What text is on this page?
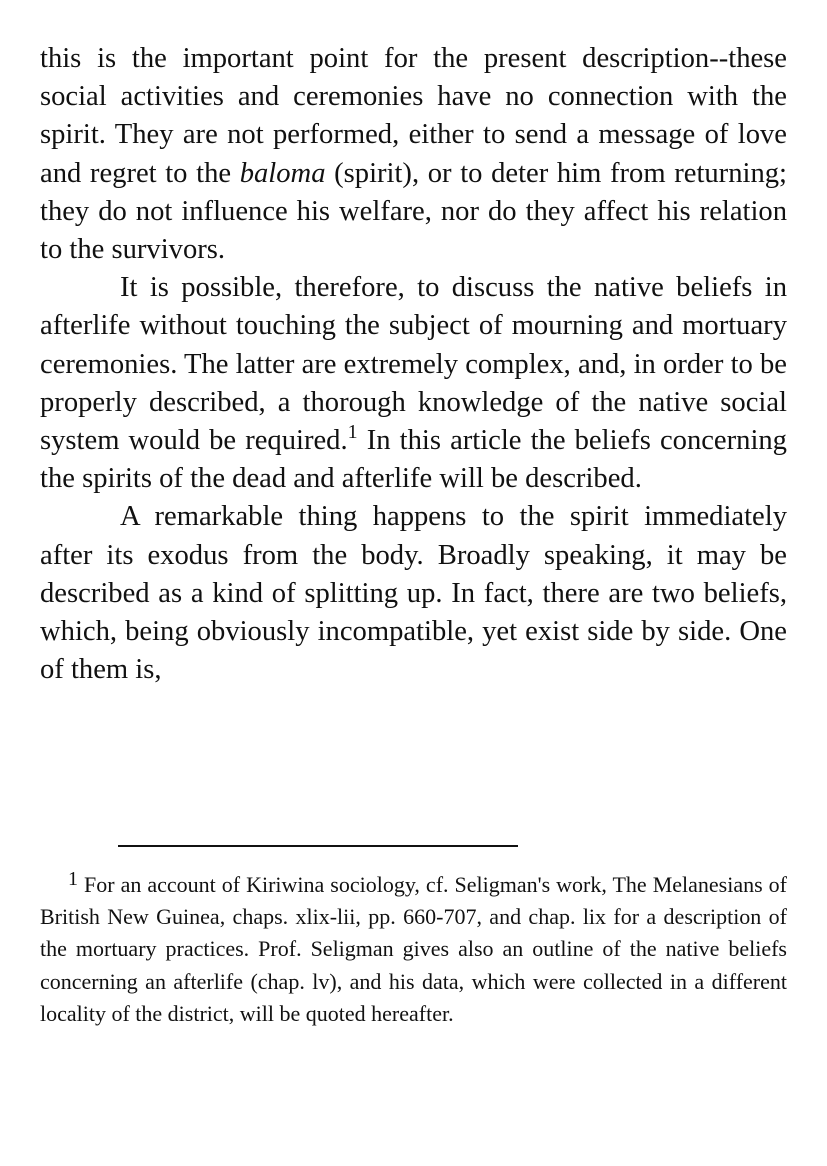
this is the important point for the present description--these social activities and ceremonies have no connection with the spirit. They are not performed, either to send a message of love and regret to the baloma (spirit), or to deter him from returning; they do not influence his welfare, nor do they affect his relation to the survivors.

It is possible, therefore, to discuss the native beliefs in afterlife without touching the subject of mourning and mortuary ceremonies. The latter are extremely complex, and, in order to be properly described, a thorough knowledge of the native social system would be required.$^1$ In this article the beliefs concerning the spirits of the dead and afterlife will be described.

A remarkable thing happens to the spirit immediately after its exodus from the body. Broadly speaking, it may be described as a kind of splitting up. In fact, there are two beliefs, which, being obviously incompatible, yet exist side by side. One of them is,

1 For an account of Kiriwina sociology, cf. Seligman's work, The Melanesians of British New Guinea, chaps. xlix-lii, pp. 660-707, and chap. lix for a description of the mortuary practices. Prof. Seligman gives also an outline of the native beliefs concerning an afterlife (chap. lv), and his data, which were collected in a different locality of the district, will be quoted hereafter.
